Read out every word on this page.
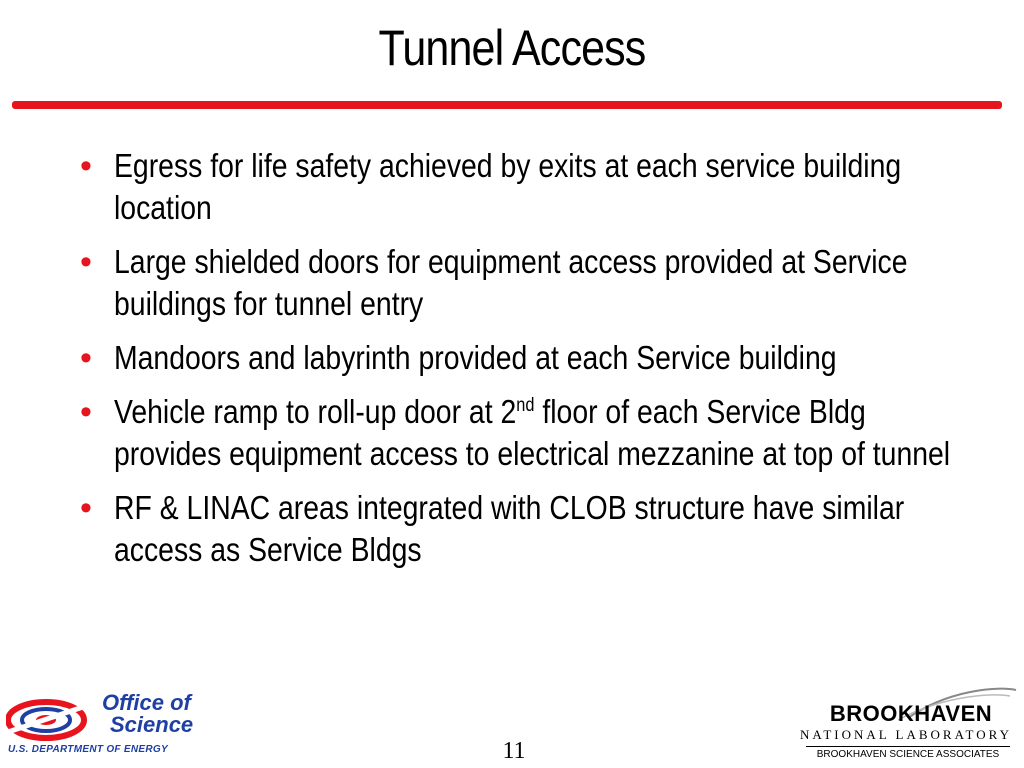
Tunnel Access
• Egress for life safety achieved by exits at each service building location
• Large shielded doors for equipment access provided at Service buildings for tunnel entry
• Mandoors and labyrinth provided at each Service building
• Vehicle ramp to roll-up door at 2nd floor of each Service Bldg provides equipment access to electrical mezzanine at top of tunnel
• RF & LINAC areas integrated with CLOB structure have similar access as Service Bldgs
Office of
Science
U.S. DEPARTMENT OF ENERGY	11
BROOKHAVEN
NATIONAL LABORATORY
BROOKHAVEN SCIENCE ASSOCIATES
